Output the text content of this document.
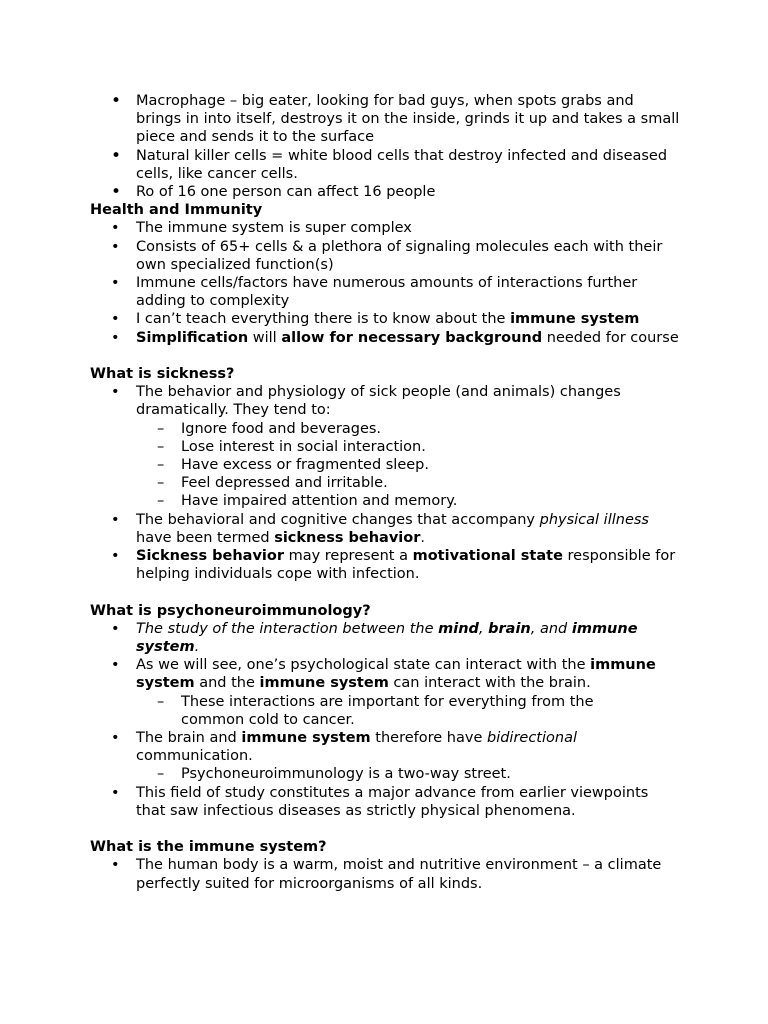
• Macrophage – big eater, looking for bad guys, when spots grabs and brings in into itself, destroys it on the inside, grinds it up and takes a small piece and sends it to the surface
• Natural killer cells = white blood cells that destroy infected and diseased cells, like cancer cells.
• Ro of 16 one person can affect 16 people
Health and Immunity
• The immune system is super complex
• Consists of 65+ cells & a plethora of signaling molecules each with their own specialized function(s)
• Immune cells/factors have numerous amounts of interactions further adding to complexity
• I can’t teach everything there is to know about the immune system
• Simplification will allow for necessary background needed for course
What is sickness?
• The behavior and physiology of sick people (and animals) changes dramatically. They tend to:
– Ignore food and beverages.
– Lose interest in social interaction.
– Have excess or fragmented sleep.
– Feel depressed and irritable.
– Have impaired attention and memory.
• The behavioral and cognitive changes that accompany physical illness have been termed sickness behavior.
• Sickness behavior may represent a motivational state responsible for helping individuals cope with infection.
What is psychoneuroimmunology?
• The study of the interaction between the mind, brain, and immune system.
• As we will see, one’s psychological state can interact with the immune system and the immune system can interact with the brain.
– These interactions are important for everything from the common cold to cancer.
• The brain and immune system therefore have bidirectional communication.
– Psychoneuroimmunology is a two-way street.
• This field of study constitutes a major advance from earlier viewpoints that saw infectious diseases as strictly physical phenomena.
What is the immune system?
• The human body is a warm, moist and nutritive environment – a climate perfectly suited for microorganisms of all kinds.
